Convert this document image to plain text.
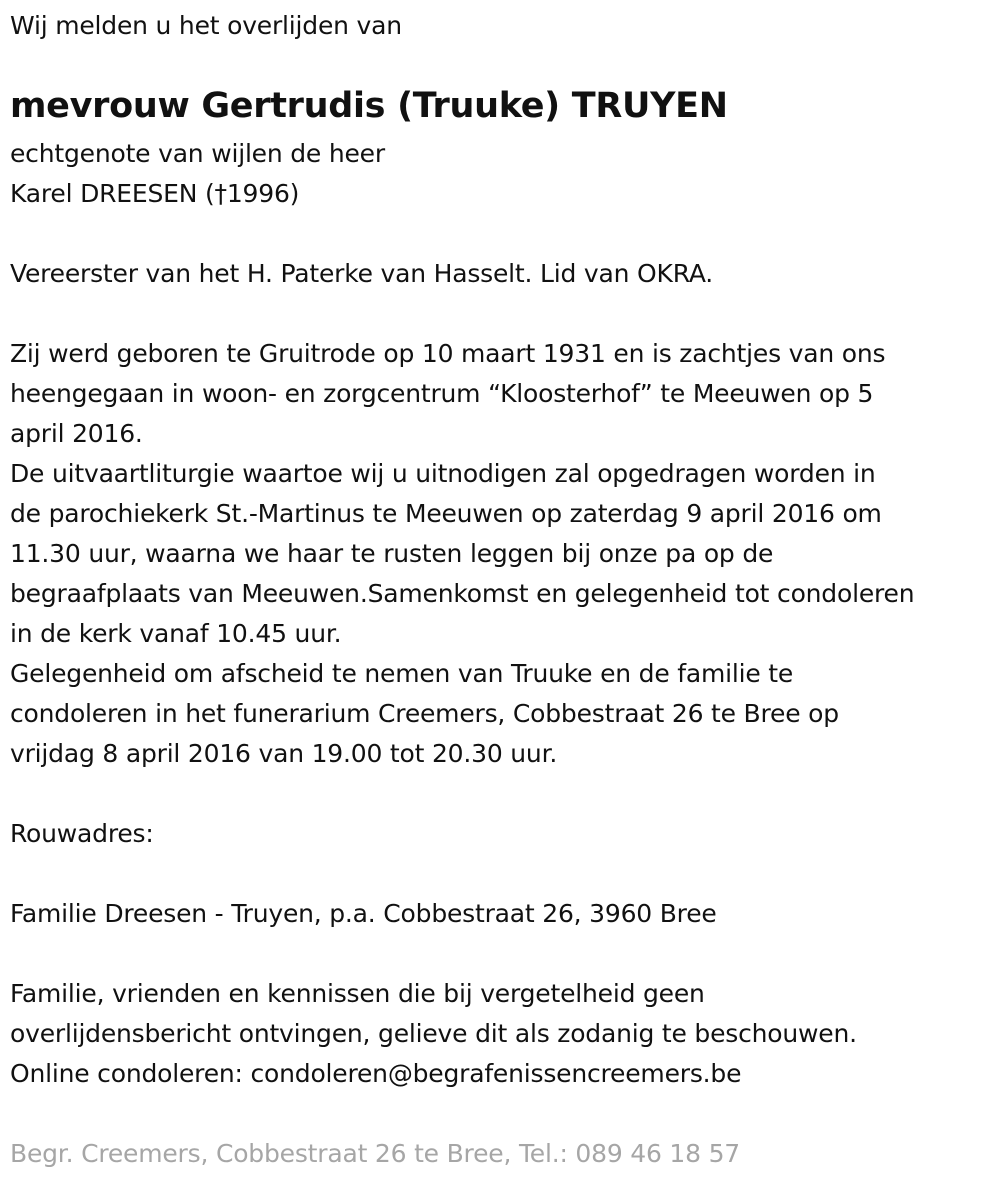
Wij melden u het overlijden van
mevrouw Gertrudis (Truuke) TRUYEN
echtgenote van wijlen de heer
Karel DREESEN (†1996)
Vereerster van het H. Paterke van Hasselt. Lid van OKRA.
Zij werd geboren te Gruitrode op 10 maart 1931 en is zachtjes van ons
heengegaan in woon- en zorgcentrum “Kloosterhof” te Meeuwen op 5
april 2016.
De uitvaartliturgie waartoe wij u uitnodigen zal opgedragen worden in
de parochiekerk St.-Martinus te Meeuwen op zaterdag 9 april 2016 om
11.30 uur, waarna we haar te rusten leggen bij onze pa op de
begraafplaats van Meeuwen.Samenkomst en gelegenheid tot condoleren
in de kerk vanaf 10.45 uur.
Gelegenheid om afscheid te nemen van Truuke en de familie te
condoleren in het funerarium Creemers, Cobbestraat 26 te Bree op
vrijdag 8 april 2016 van 19.00 tot 20.30 uur.
Rouwadres:
Familie Dreesen - Truyen, p.a. Cobbestraat 26, 3960 Bree
Familie, vrienden en kennissen die bij vergetelheid geen
overlijdensbericht ontvingen, gelieve dit als zodanig te beschouwen.
Online condoleren: condoleren@begrafenissencreemers.be
Begr. Creemers, Cobbestraat 26 te Bree, Tel.: 089 46 18 57
